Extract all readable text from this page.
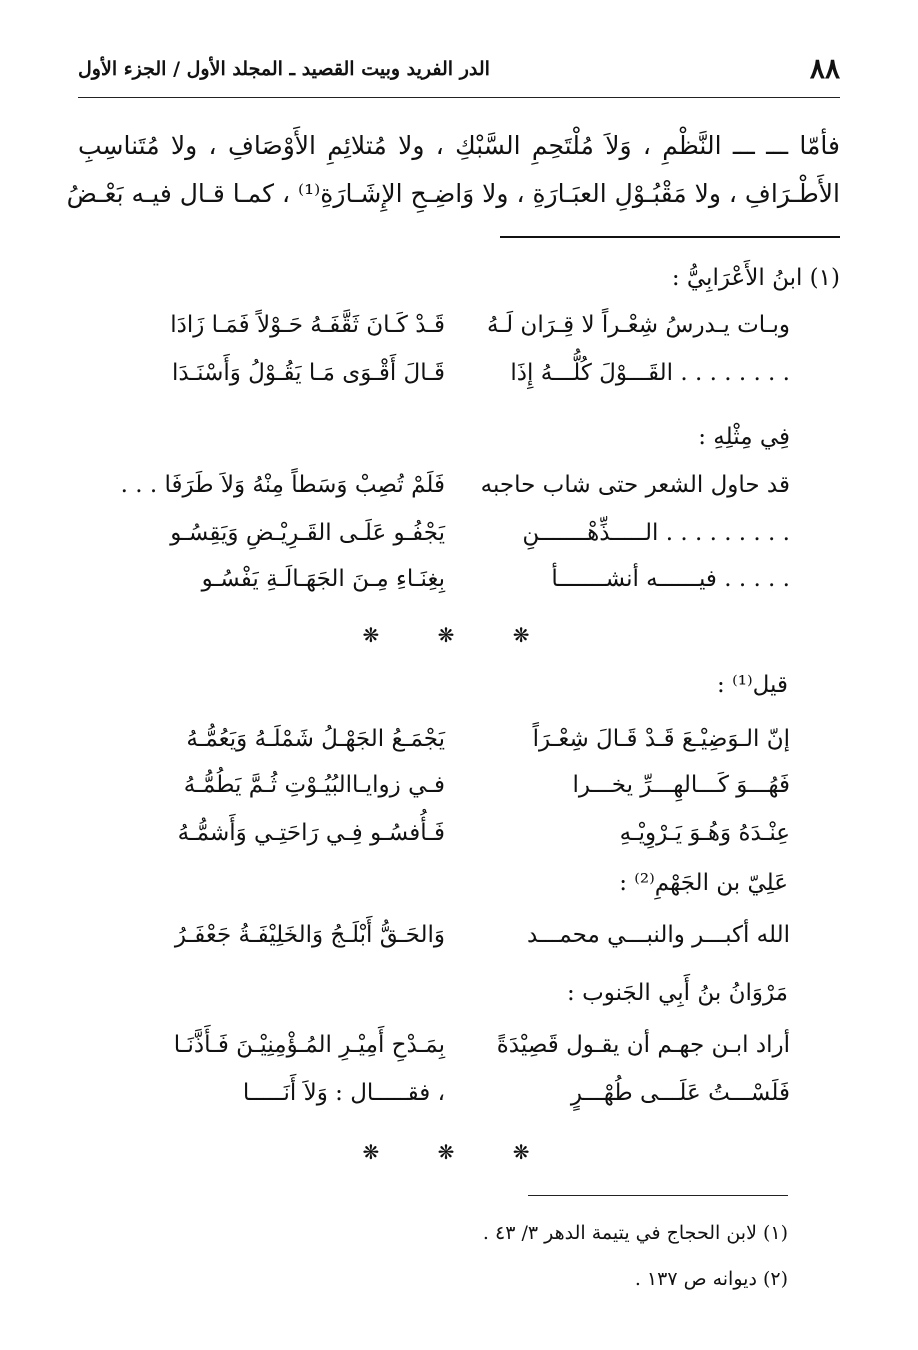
٨٨
الدر الفريد وبيت القصيد ـ المجلد الأول / الجزء الأول
فأمّا ـــ ـــ النَّظْمِ ، وَلاَ مُلْتَحِمِ السَّبْكِ ، ولا مُتلائِمِ الأَوْصَافِ ، ولا مُتَناسِبِ
الأَطْـرَافِ ، ولا مَقْبُـوْلِ العبَـارَةِ ، ولا وَاضِـحِ الإِشَـارَةِ⁽¹⁾ ، كمـا قـال فيـه بَعْـضُ
(١) ابنُ الأَعْرَابِيُّ :
وبـات يـدرسُ شِعْـراً لا قِـرَان لَـهُ
قَـدْ كَـانَ ثَقَّفَـهُ حَـوْلاً فَمَـا زَادَا
. . . . . . . . القَـــوْلَ كُلُّـــهُ إِذَا
قَـالَ أَقْـوَى مَـا يَقُـوْلُ وَأَسْنَـدَا
فِي مِثْلِهِ :
قد حاول الشعر حتى شاب حاجبه
فَلَمْ تُصِبْ وَسَطاً مِنْهُ وَلاَ طَرَفَا . . .
. . . . . . . . . الـــــذِّهْـــــــنِ
يَجْفُـو عَلَـى القَـرِيْـضِ وَيَقِسُـو
. . . . . فيــــــه أنشـــــــأ
بِغِنَـاءِ مِـنَ الجَهَـالَـةِ يَفْسُـو
❋ ❋ ❋
قيل⁽¹⁾ :
إنّ الـوَضِيْـعَ قَـدْ قَـالَ شِعْـرَاً
يَجْمَـعُ الجَهْـلُ شَمْلَـهُ وَيَعُمُّـهُ
فَهُـــوَ كَـــالهِـــرِّ يخـــرا
فـي زوايـاالبُيُـوْتِ ثُـمَّ يَطُمُّـهُ
عِنْـدَهُ وَهُـوَ يَـرْوِيْـهِ
فَـأُفسُـو فِـي رَاحَتِـي وَأَشمُّـهُ
عَلِيّ بن الجَهْمِ⁽²⁾ :
الله أكبـــر والنبـــي محمـــد
وَالحَـقُّ أَبْلَـجُ وَالخَلِيْفَـةُ جَعْفَـرُ
مَرْوَانُ بنُ أَبِي الجَنوب :
أراد ابـن جهـم أن يقـول قَصِيْدَةً
بِمَـدْحِ أَمِيْـرِ المُـؤْمِنِيْـنَ فَـأَذَّنَـا
فَلَسْـــتُ عَلَـــى طُهْـــرٍ
، فقـــــال : وَلاَ أَنَـــــا
❋ ❋ ❋
(١) لابن الحجاج في يتيمة الدهر ٣/ ٤٣ .
(٢) ديوانه ص ١٣٧ .
